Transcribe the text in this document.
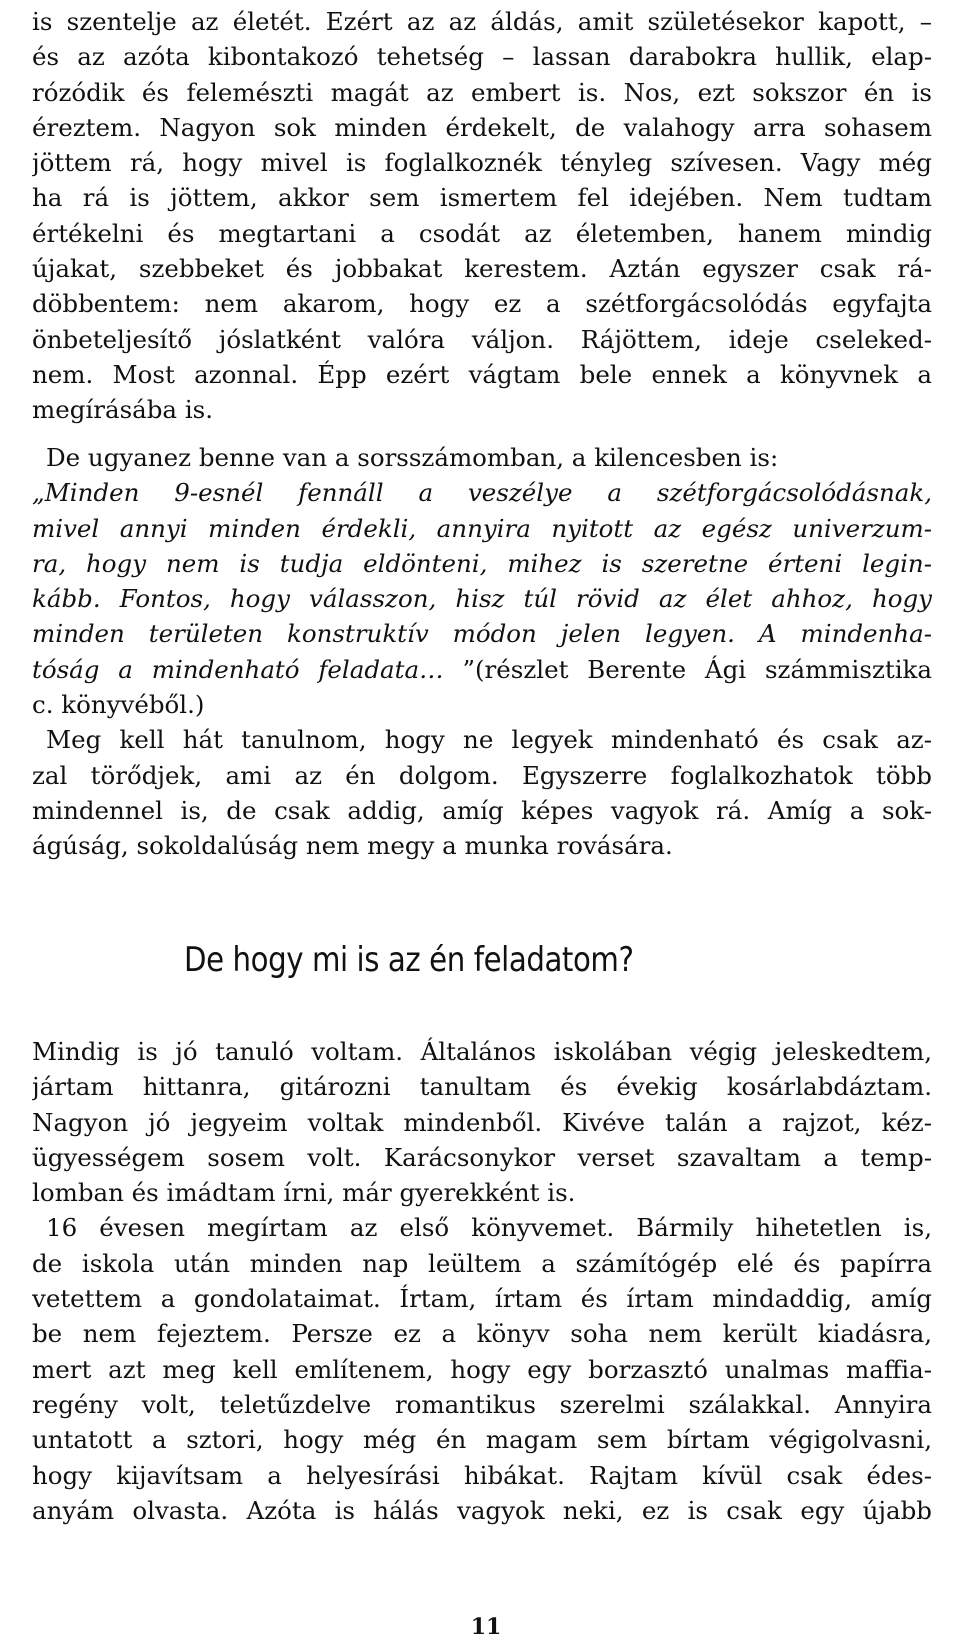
is szentelje az életét. Ezért az az áldás, amit születésekor kapott, –
és az azóta kibontakozó tehetség – lassan darabokra hullik, elap-
rózódik és felemészti magát az embert is. Nos, ezt sokszor én is
éreztem. Nagyon sok minden érdekelt, de valahogy arra sohasem
jöttem rá, hogy mivel is foglalkoznék tényleg szívesen. Vagy még
ha rá is jöttem, akkor sem ismertem fel idejében. Nem tudtam
értékelni és megtartani a csodát az életemben, hanem mindig
újakat, szebbeket és jobbakat kerestem. Aztán egyszer csak rá-
döbbentem: nem akarom, hogy ez a szétforgácsolódás egyfajta
önbeteljesítő jóslatként valóra váljon. Rájöttem, ideje cseleked-
nem. Most azonnal. Épp ezért vágtam bele ennek a könyvnek a
megírásába is.
De ugyanez benne van a sorsszámomban, a kilencesben is:
„Minden 9-esnél fennáll a veszélye a szétforgácsolódásnak,
mivel annyi minden érdekli, annyira nyitott az egész univerzum-
ra, hogy nem is tudja eldönteni, mihez is szeretne érteni legin-
kább. Fontos, hogy válasszon, hisz túl rövid az élet ahhoz, hogy
minden területen konstruktív módon jelen legyen. A mindenha-
tóság a mindenható feladata… ”(részlet Berente Ági számmisztika
c. könyvéből.)
Meg kell hát tanulnom, hogy ne legyek mindenható és csak az-
zal törődjek, ami az én dolgom. Egyszerre foglalkozhatok több
mindennel is, de csak addig, amíg képes vagyok rá. Amíg a sok-
ágúság, sokoldalúság nem megy a munka rovására.
De hogy mi is az én feladatom?
Mindig is jó tanuló voltam. Általános iskolában végig jeleskedtem,
jártam hittanra, gitározni tanultam és évekig kosárlabdáztam.
Nagyon jó jegyeim voltak mindenből. Kivéve talán a rajzot, kéz-
ügyességem sosem volt. Karácsonykor verset szavaltam a temp-
lomban és imádtam írni, már gyerekként is.
16 évesen megírtam az első könyvemet. Bármily hihetetlen is,
de iskola után minden nap leültem a számítógép elé és papírra
vetettem a gondolataimat. Írtam, írtam és írtam mindaddig, amíg
be nem fejeztem. Persze ez a könyv soha nem került kiadásra,
mert azt meg kell említenem, hogy egy borzasztó unalmas maffia-
regény volt, teletűzdelve romantikus szerelmi szálakkal. Annyira
untatott a sztori, hogy még én magam sem bírtam végigolvasni,
hogy kijavítsam a helyesírási hibákat. Rajtam kívül csak édes-
anyám olvasta. Azóta is hálás vagyok neki, ez is csak egy újabb
11
